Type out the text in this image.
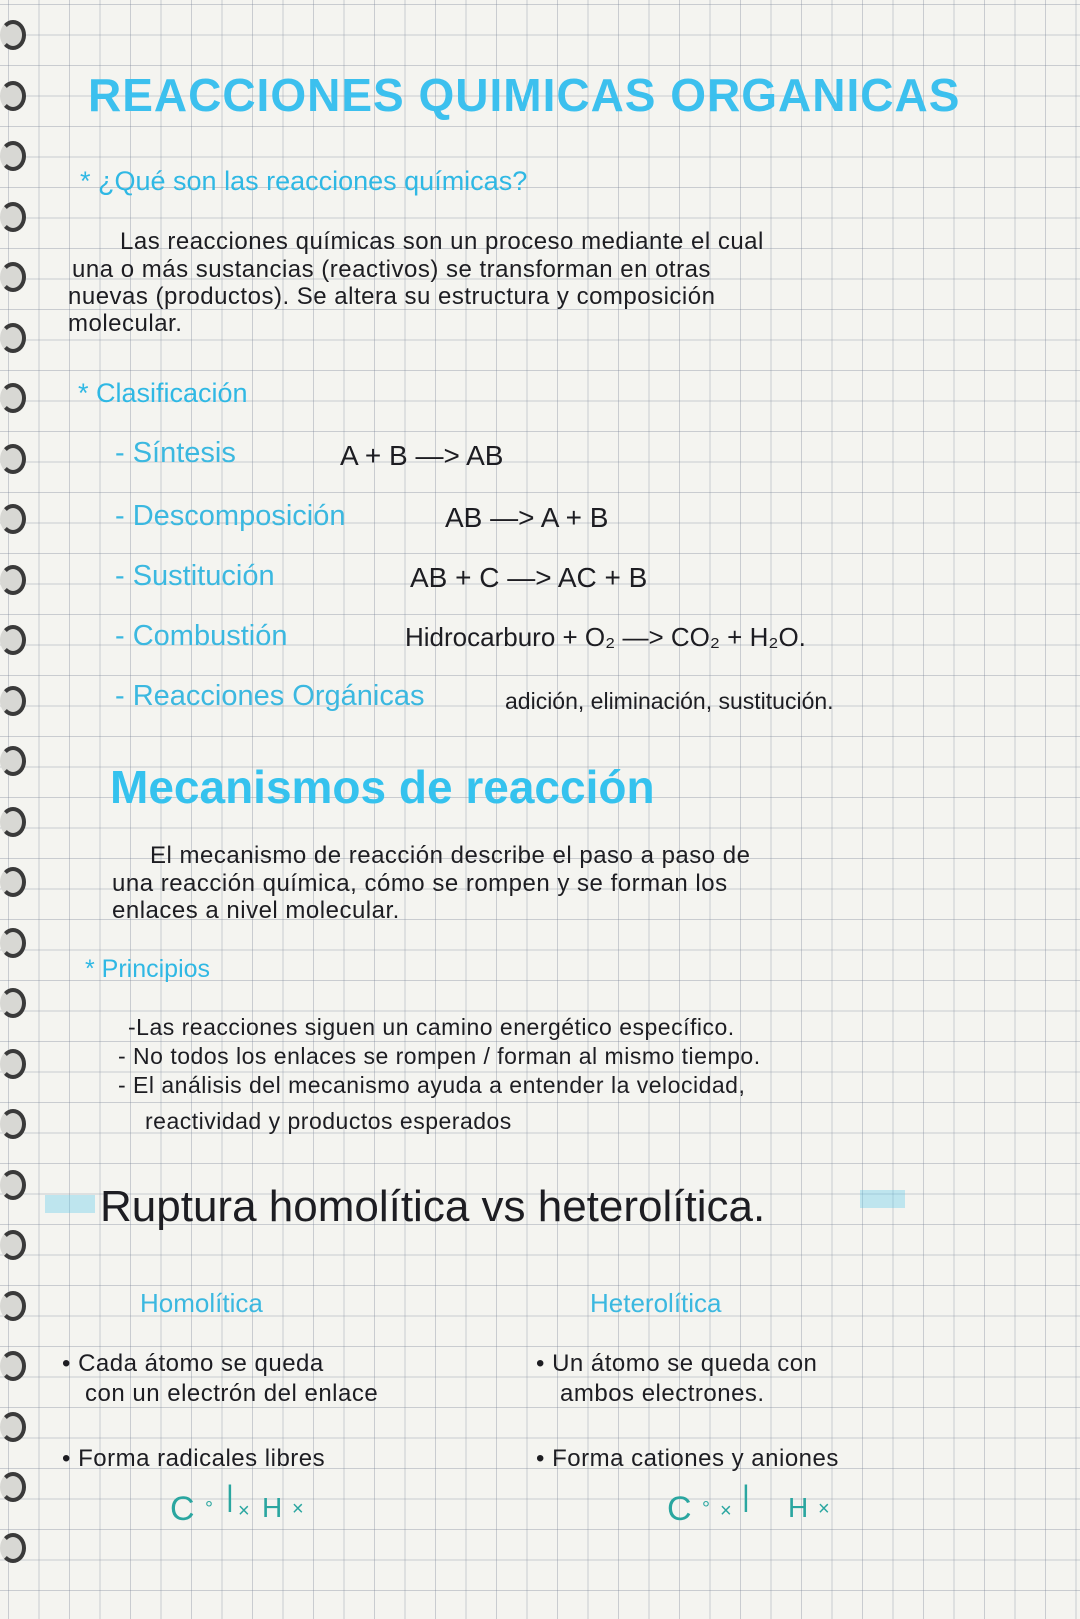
REACCIONES QUIMICAS ORGANICAS
* ¿Qué son las reacciones químicas?
Las reacciones químicas son un proceso mediante el cual
una o más sustancias (reactivos) se transforman en otras
nuevas (productos). Se altera su estructura y composición
molecular.
* Clasificación
- Síntesis	A + B —> AB
- Descomposición	AB —> A + B
- Sustitución	AB + C —> AC + B
- Combustión	Hidrocarburo + O₂ —> CO₂ + H₂O.
- Reacciones Orgánicas	adición, eliminación, sustitución.
Mecanismos de reacción
El mecanismo de reacción describe el paso a paso de
una reacción química, cómo se rompen y se forman los
enlaces a nivel molecular.
* Principios
-Las reacciones siguen un camino energético específico.
- No todos los enlaces se rompen / forman al mismo tiempo.
- El análisis del mecanismo ayuda a entender la velocidad,
reactividad y productos esperados
Ruptura homolítica vs heterolítica.
Homolítica	Heterolítica
• Cada átomo se queda
con un electrón del enlace
• Forma radicales libres
• Un átomo se queda con
ambos electrones.
• Forma cationes y aniones
C ° | × H ×	C ° × | H ×
